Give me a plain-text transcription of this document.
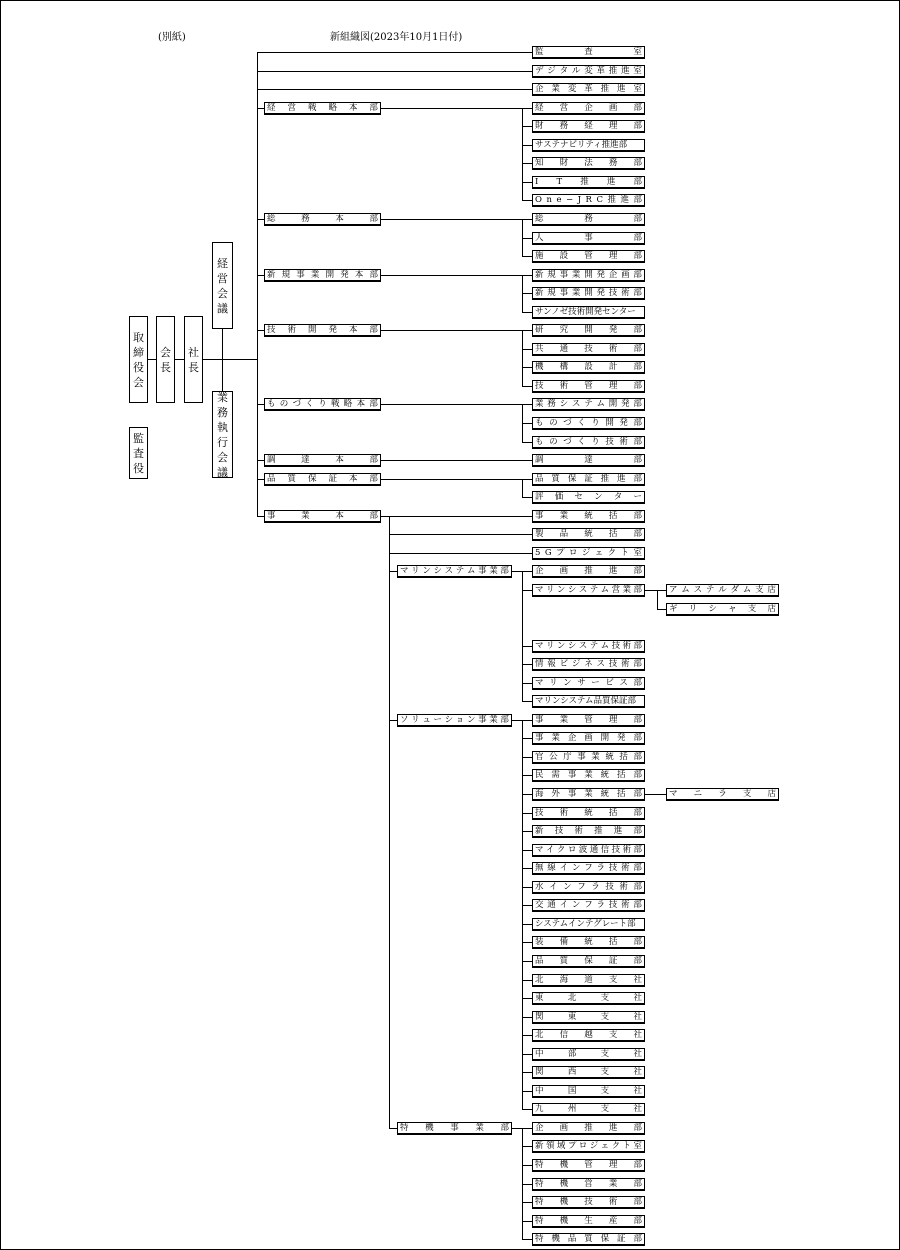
(別紙)	新組織図(2023年10月1日付)
取締役会
会長
社長
監査役
経営会議
業務執行会議
監	査	室
デ ジ タ ル 変 革 推 進 室
企 業 変 革 推 進 室
経 営 戦 略 本 部	経 営 企 画 部
財 務 経 理 部
サステナビリティ推進部
知 財 法 務 部
I T 推 進 部
O n e − J R C 推 進 部
総	務	本	部	総	務	部
人	事	部
施 設 管 理 部
新 規 事 業 開 発 本 部	新 規 事 業 開 発 企 画 部
新 規 事 業 開 発 技 術 部
サンノゼ技術開発センター
技 術 開 発 本 部	研 究 開 発 部
共 通 技 術 部
機 構 設 計 部
技 術 管 理 部
も の づ く り 戦 略 本 部	業 務 シ ス テ ム 開 発 部
も の づ く り 開 発 部
も の づ く り 技 術 部
調	達	本	部	調	達	部
品 質 保 証 本 部	品 質 保 証 推 進 部
評 価 セ ン タ ー
事	業	本	部	事 業 統 括 部
製 品 統 括 部
5 G プ ロ ジ ェ ク ト 室
マ リ ン シ ス テ ム 事 業 部	企 画 推 進 部
マ リ ン シ ス テ ム 営 業 部	ア ム ス テ ル ダ ム 支 店
ギ リ シ ャ 支 店
マ リ ン シ ス テ ム 技 術 部
情 報 ビ ジ ネ ス 技 術 部
マ リ ン サ ー ビ ス 部
マリンシステム品質保証部
ソ リ ュ ー シ ョ ン 事 業 部	事 業 管 理 部
事 業 企 画 開 発 部
官 公 庁 事 業 統 括 部
民 需 事 業 統 括 部
海 外 事 業 統 括 部	マ ニ ラ 支 店
技 術 統 括 部
新 技 術 推 進 部
マ イ ク ロ 波 通 信 技 術 部
無 線 イ ン フ ラ 技 術 部
水 イ ン フ ラ 技 術 部
交 通 イ ン フ ラ 技 術 部
システムインテグレート部
装 備 統 括 部
品 質 保 証 部
北 海 道 支 社
東	北	支	社
関	東	支	社
北 信 越 支 社
中	部	支	社
関	西	支	社
中	国	支	社
九	州	支	社
特 機 事 業 部	企 画 推 進 部
新 領 域 プ ロ ジ ェ ク ト 室
特 機 管 理 部
特 機 営 業 部
特 機 技 術 部
特 機 生 産 部
特 機 品 質 保 証 部
